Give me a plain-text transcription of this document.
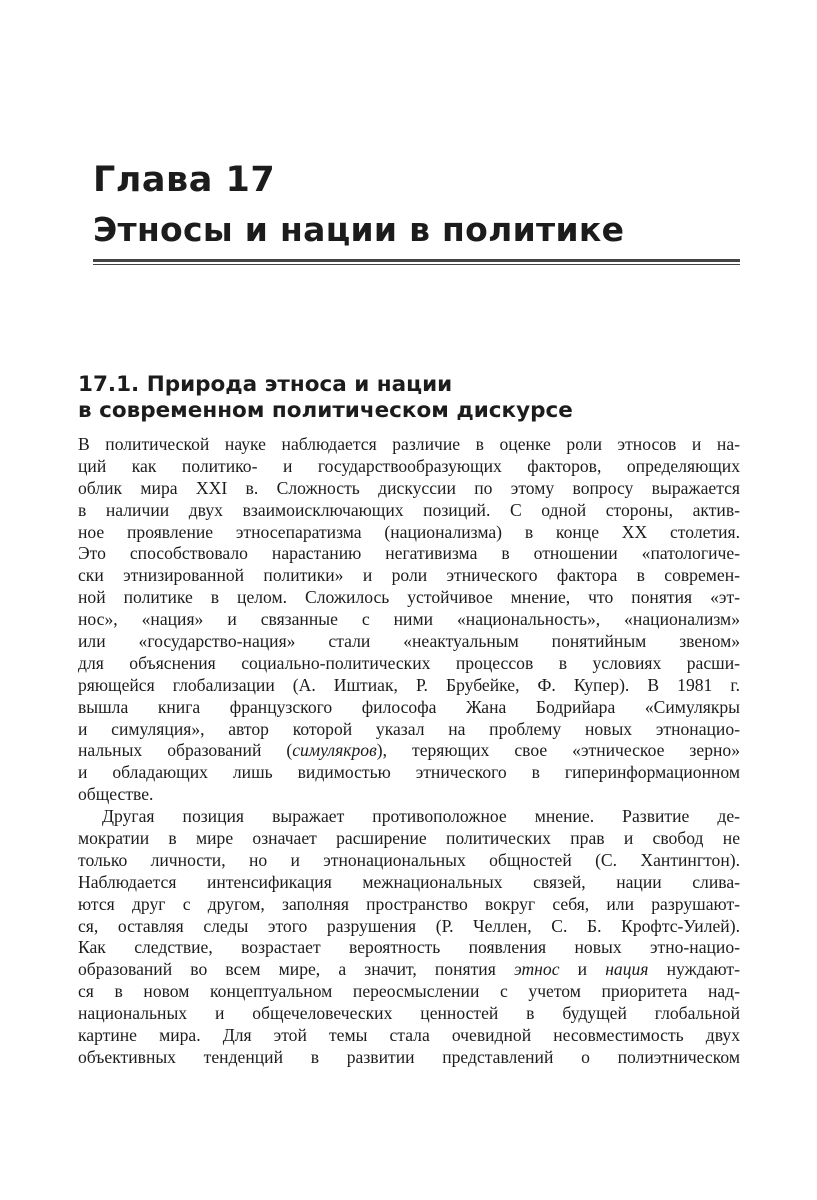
Глава 17
Этносы и нации в политике
17.1. Природа этноса и нации
в современном политическом дискурсе
В политической науке наблюдается различие в оценке роли этносов и на-
ций как политико- и государствообразующих факторов, определяющих
облик мира XXI в. Сложность дискуссии по этому вопросу выражается
в наличии двух взаимоисключающих позиций. С одной стороны, актив-
ное проявление этносепаратизма (национализма) в конце XX столетия.
Это способствовало нарастанию негативизма в отношении «патологиче-
ски этнизированной политики» и роли этнического фактора в современ-
ной политике в целом. Сложилось устойчивое мнение, что понятия «эт-
нос», «нация» и связанные с ними «национальность», «национализм»
или «государство-нация» стали «неактуальным понятийным звеном»
для объяснения социально-политических процессов в условиях расши-
ряющейся глобализации (А. Иштиак, Р. Брубейке, Ф. Купер). В 1981 г.
вышла книга французского философа Жана Бодрийара «Симулякры
и симуляция», автор которой указал на проблему новых этнонацио-
нальных образований (симулякров), теряющих свое «этническое зерно»
и обладающих лишь видимостью этнического в гиперинформационном
обществе.
Другая позиция выражает противоположное мнение. Развитие де-
мократии в мире означает расширение политических прав и свобод не
только личности, но и этнонациональных общностей (С. Хантингтон).
Наблюдается интенсификация межнациональных связей, нации слива-
ются друг с другом, заполняя пространство вокруг себя, или разрушают-
ся, оставляя следы этого разрушения (Р. Челлен, С. Б. Крофтс-Уилей).
Как следствие, возрастает вероятность появления новых этно-нацио-
образований во всем мире, а значит, понятия этнос и нация нуждают-
ся в новом концептуальном переосмыслении с учетом приоритета над-
национальных и общечеловеческих ценностей в будущей глобальной
картине мира. Для этой темы стала очевидной несовместимость двух
объективных тенденций в развитии представлений о полиэтническом
